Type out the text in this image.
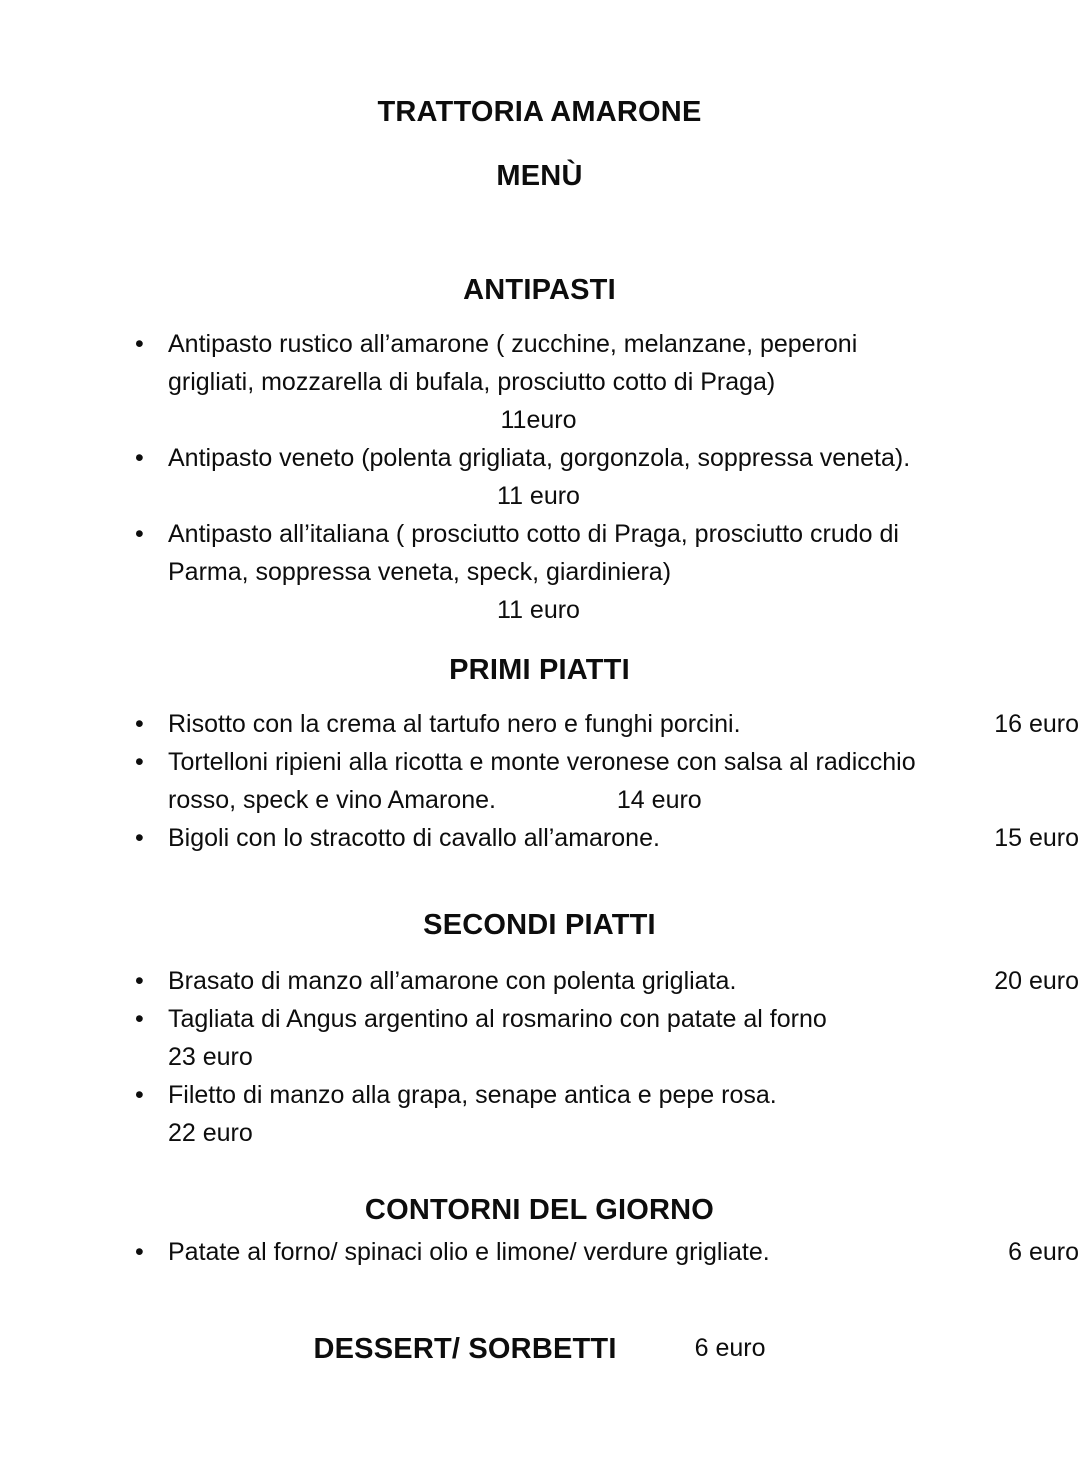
TRATTORIA AMARONE
MENÙ
ANTIPASTI
• Antipasto rustico all’amarone ( zucchine, melanzane, peperoni grigliati, mozzarella di bufala, prosciutto cotto di Praga)
11euro
• Antipasto veneto (polenta grigliata, gorgonzola, soppressa veneta).
11 euro
• Antipasto all’italiana ( prosciutto cotto di Praga, prosciutto crudo di Parma, soppressa veneta, speck, giardiniera)
11 euro
PRIMI PIATTI
• 16 euro
Risotto con la crema al tartufo nero e funghi porcini.
• Tortelloni ripieni alla ricotta e monte veronese con salsa al radicchio rosso, speck e vino Amarone.	14 euro
• 15 euro
Bigoli con lo stracotto di cavallo all’amarone.
SECONDI PIATTI
• 20 euro
Brasato di manzo all’amarone con polenta grigliata.
• Tagliata di Angus argentino al rosmarino con patate al forno
23 euro
• Filetto di manzo alla grapa, senape antica e pepe rosa.
22 euro
CONTORNI DEL GIORNO
• 6 euro
Patate al forno/ spinaci olio e limone/ verdure grigliate.
DESSERT/ SORBETTI	6 euro
